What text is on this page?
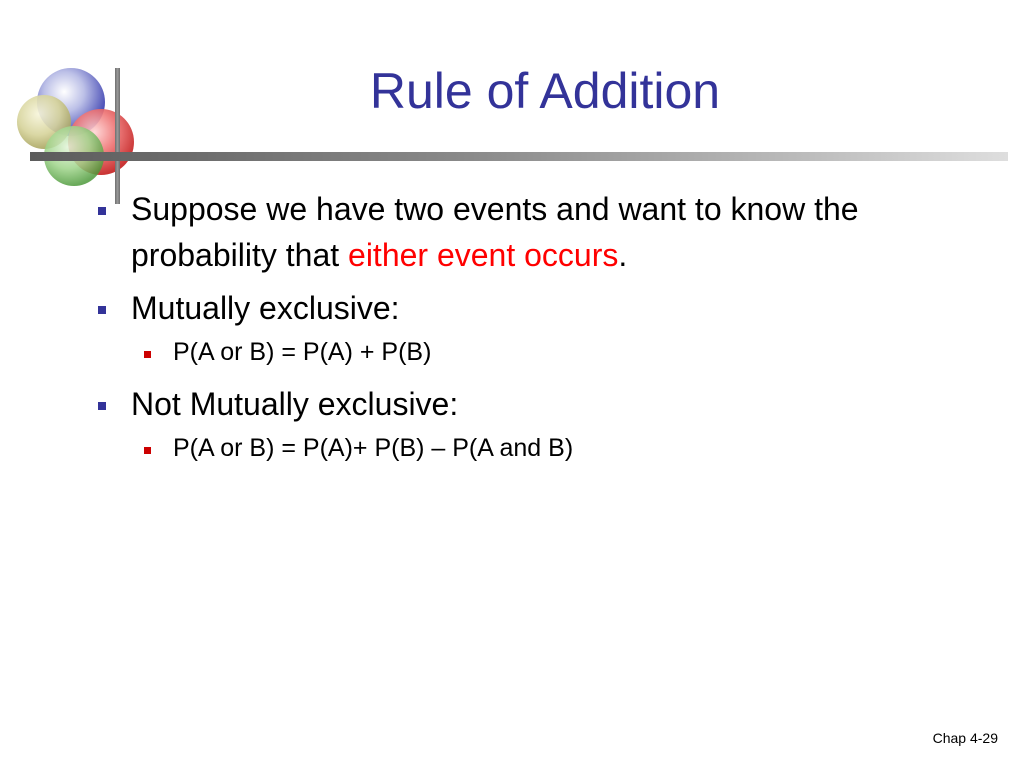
Rule of Addition
Suppose we have two events and want to know the probability that either event occurs.
Mutually exclusive:
P(A or B) = P(A) + P(B)
Not Mutually exclusive:
P(A or B) = P(A)+ P(B) – P(A and B)
Chap 4-29
